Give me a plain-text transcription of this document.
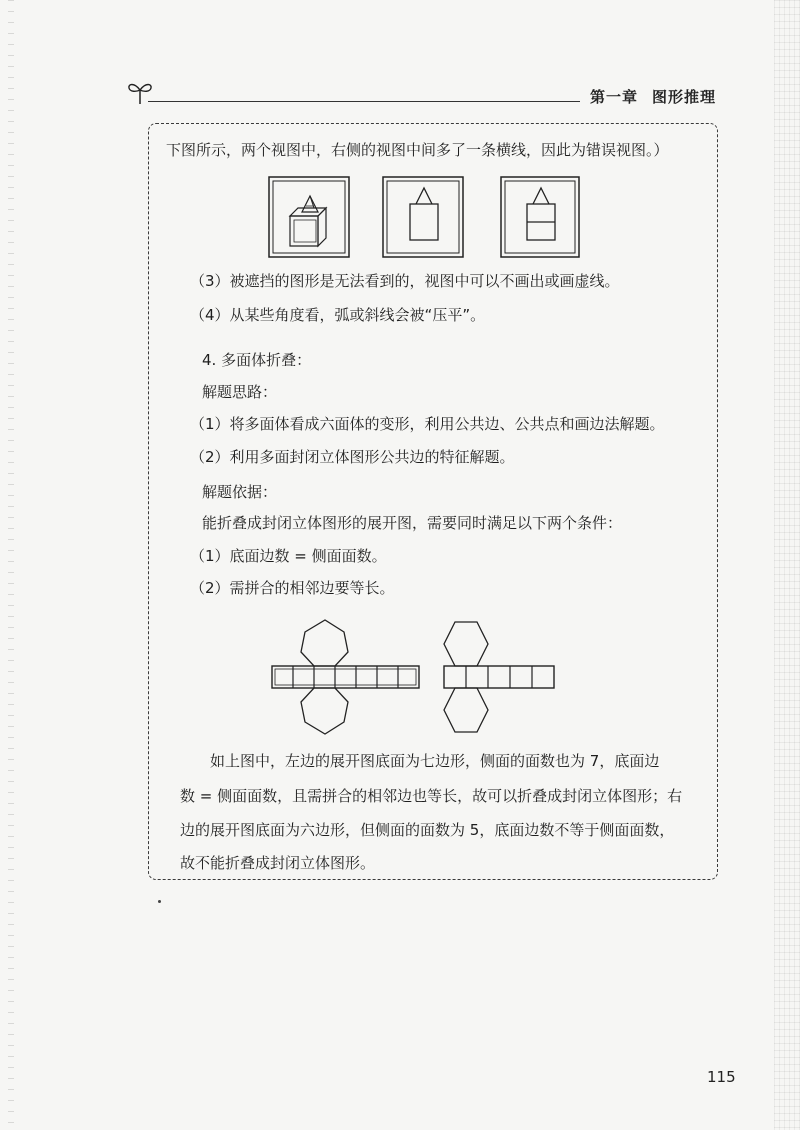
第一章 图形推理
下图所示，两个视图中，右侧的视图中间多了一条横线，因此为错误视图。）
（3）被遮挡的图形是无法看到的，视图中可以不画出或画虚线。
（4）从某些角度看，弧或斜线会被“压平”。
4. 多面体折叠：
解题思路：
（1）将多面体看成六面体的变形，利用公共边、公共点和画边法解题。
（2）利用多面封闭立体图形公共边的特征解题。
解题依据：
能折叠成封闭立体图形的展开图，需要同时满足以下两个条件：
（1）底面边数 = 侧面面数。
（2）需拼合的相邻边要等长。
如上图中，左边的展开图底面为七边形，侧面的面数也为 7，底面边
数 = 侧面面数，且需拼合的相邻边也等长，故可以折叠成封闭立体图形；右
边的展开图底面为六边形，但侧面的面数为 5，底面边数不等于侧面面数，
故不能折叠成封闭立体图形。
115
